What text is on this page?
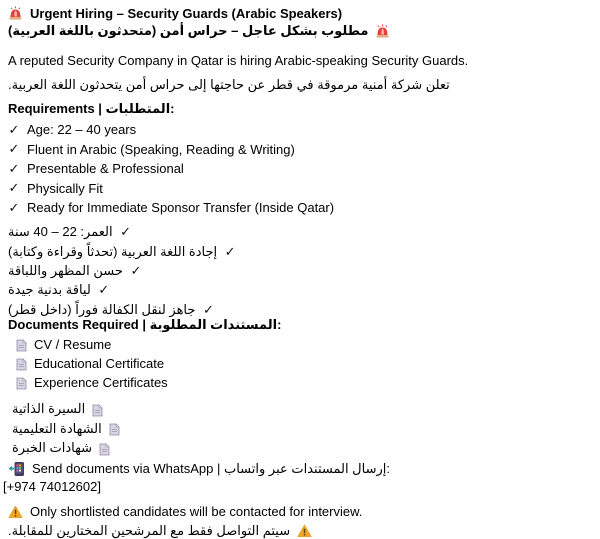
Urgent Hiring – Security Guards (Arabic Speakers)
مطلوب بشكل عاجل – حراس أمن (متحدثون باللغة العربية)
A reputed Security Company in Qatar is hiring Arabic-speaking Security Guards.
تعلن شركة أمنية مرموقة في قطر عن حاجتها إلى حراس أمن يتحدثون اللغة العربية.
Requirements | المتطلبات:
✓ Age: 22 – 40 years
✓ Fluent in Arabic (Speaking, Reading & Writing)
✓ Presentable & Professional
✓ Physically Fit
✓ Ready for Immediate Sponsor Transfer (Inside Qatar)
✓
العمر: 22 – 40 سنة
✓
إجادة اللغة العربية (تحدثاً وقراءة وكتابة)
✓
حسن المظهر واللباقة
✓
لياقة بدنية جيدة
✓
جاهز لنقل الكفالة فوراً (داخل قطر)
Documents Required | المستندات المطلوبة:
CV / Resume
Educational Certificate
Experience Certificates
السيرة الذاتية
الشهادة التعليمية
شهادات الخبرة
Send documents via WhatsApp | إرسال المستندات عبر واتساب:
[+974 74012602]
Only shortlisted candidates will be contacted for interview.
سيتم التواصل فقط مع المرشحين المختارين للمقابلة.
